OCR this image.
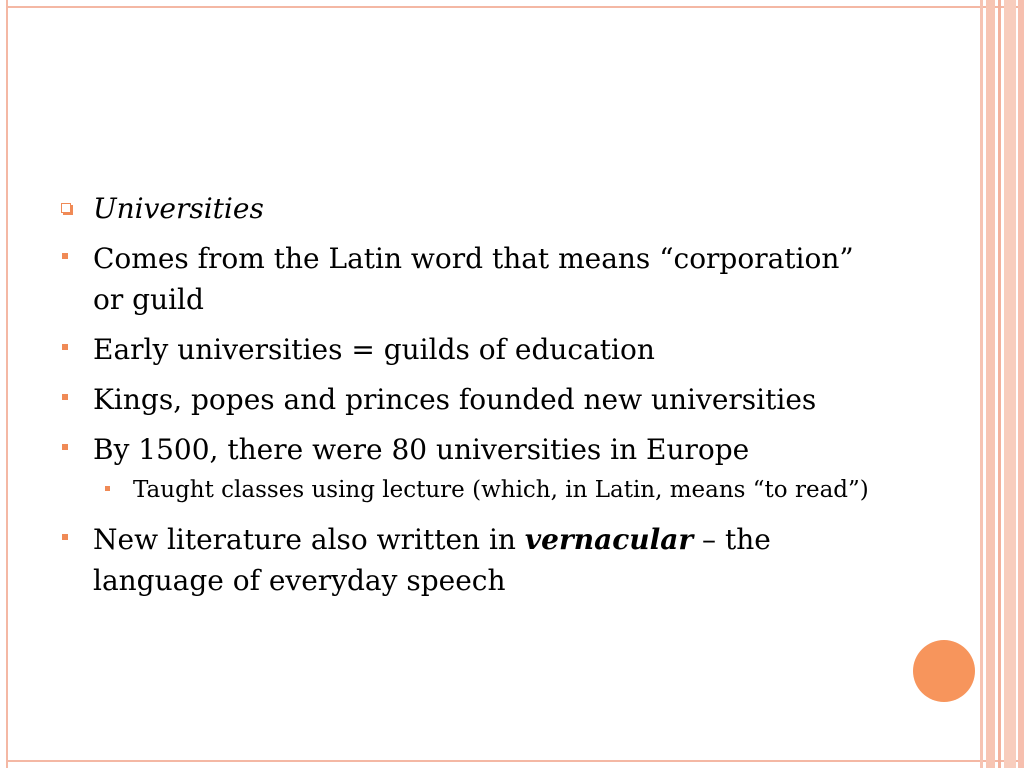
Universities
Comes from the Latin word that means “corporation” or guild
Early universities = guilds of education
Kings, popes and princes founded new universities
By 1500, there were 80 universities in Europe
Taught classes using lecture (which, in Latin, means “to read”)
New literature also written in vernacular – the language of everyday speech
